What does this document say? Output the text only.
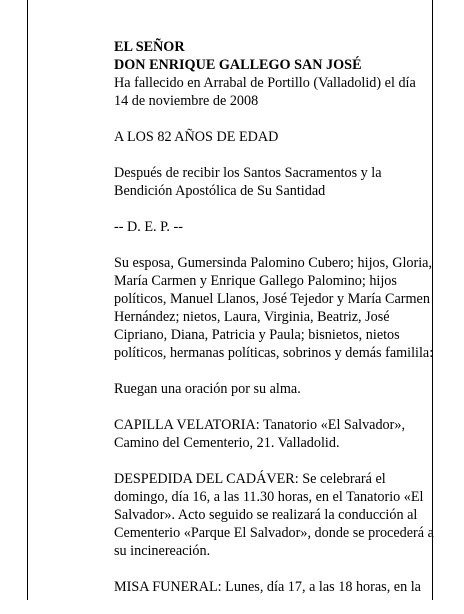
EL SEÑOR
DON ENRIQUE GALLEGO SAN JOSÉ
Ha fallecido en Arrabal de Portillo (Valladolid) el día
14 de noviembre de 2008
A LOS 82 AÑOS DE EDAD
Después de recibir los Santos Sacramentos y la
Bendición Apostólica de Su Santidad
-- D. E. P. --
Su esposa, Gumersinda Palomino Cubero; hijos, Gloria,
María Carmen y Enrique Gallego Palomino; hijos
políticos, Manuel Llanos, José Tejedor y María Carmen
Hernández; nietos, Laura, Virginia, Beatriz, José
Cipriano, Diana, Patricia y Paula; bisnietos, nietos
políticos, hermanas políticas, sobrinos y demás familila:
Ruegan una oración por su alma.
CAPILLA VELATORIA: Tanatorio «El Salvador»,
Camino del Cementerio, 21. Valladolid.
DESPEDIDA DEL CADÁVER: Se celebrará el
domingo, día 16, a las 11.30 horas, en el Tanatorio «El
Salvador». Acto seguido se realizará la conducción al
Cementerio «Parque El Salvador», donde se procederá a
su incinereación.
MISA FUNERAL: Lunes, día 17, a las 18 horas, en la
